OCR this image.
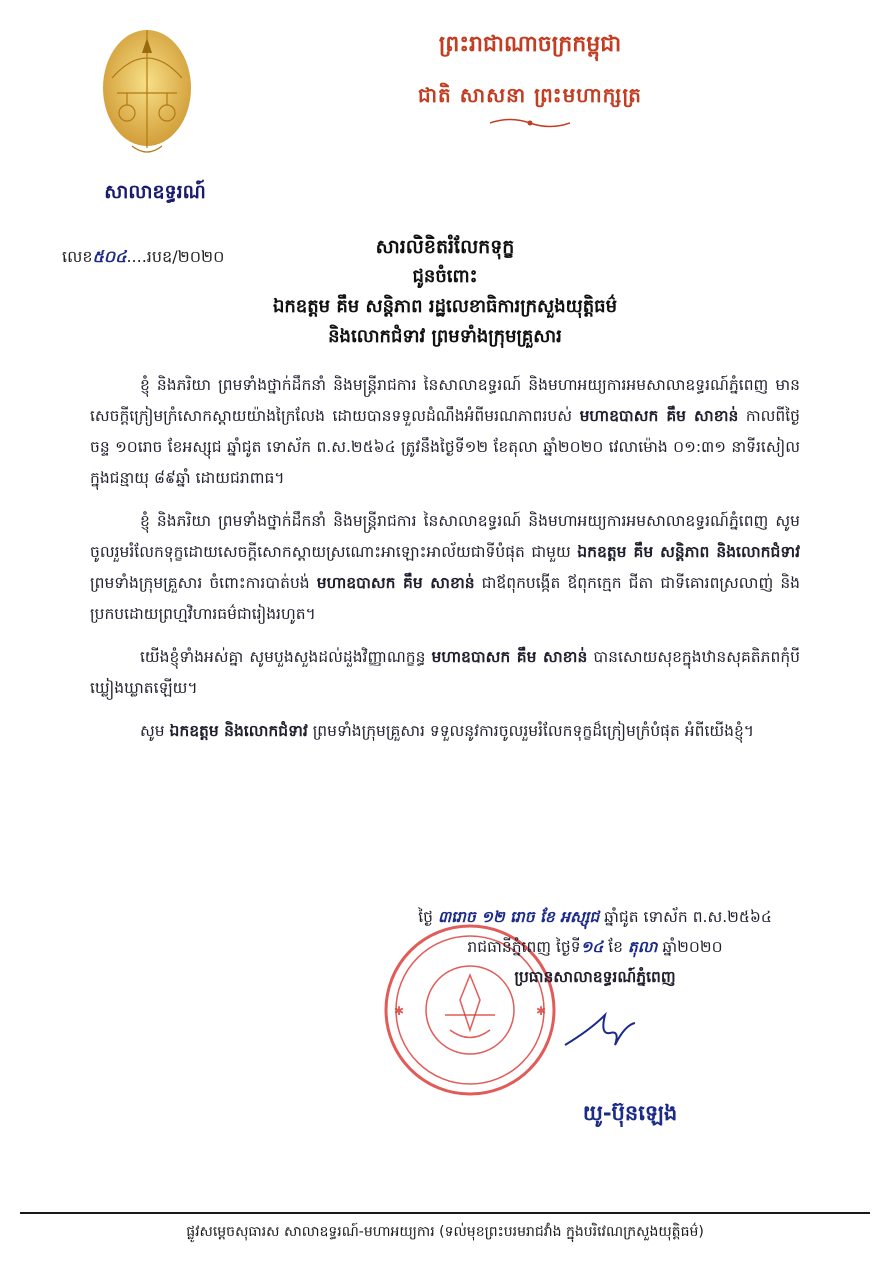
សាលាឧទ្ធរណ៍
លេខ៥០៤....របឧ/២០២០
ព្រះរាជាណាចក្រកម្ពុជា
ជាតិ សាសនា ព្រះមហាក្សត្រ
សារលិខិតរំលែកទុក្ខ
ជូនចំពោះ
ឯកឧត្តម គឹម សន្តិភាព រដ្ឋលេខាធិការក្រសួងយុត្តិធម៌
និងលោកជំទាវ ព្រមទាំងក្រុមគ្រួសារ

ខ្ញុំ និងភរិយា ព្រមទាំងថ្នាក់ដឹកនាំ និងមន្ត្រីរាជការ នៃសាលាឧទ្ធរណ៍ និងមហាអយ្យការអមសាលាឧទ្ធរណ៍ភ្នំពេញ មានសេចក្តីក្រៀមក្រំសោកស្តាយយ៉ាងក្រៃលែង ដោយបានទទួលដំណឹងអំពីមរណភាពរបស់ មហាឧបាសក គឹម សាខាន់ កាលពីថ្ងៃចន្ទ ១០រោច ខែអស្សុជ ឆ្នាំជូត ទោស័ក ព.ស.២៥៦៤ ត្រូវនឹងថ្ងៃទី១២ ខែតុលា ឆ្នាំ២០២០ វេលាម៉ោង ០១:៣១ នាទីរសៀល ក្នុងជន្មាយុ ៨៩ឆ្នាំ ដោយជរាពាធ។

ខ្ញុំ និងភរិយា ព្រមទាំងថ្នាក់ដឹកនាំ និងមន្ត្រីរាជការ នៃសាលាឧទ្ធរណ៍ និងមហាអយ្យការអមសាលាឧទ្ធរណ៍ភ្នំពេញ សូមចូលរួមរំលែកទុក្ខដោយសេចក្តីសោកស្តាយស្រណោះអាឡោះអាល័យជាទីបំផុត ជាមួយ ឯកឧត្តម គឹម សន្តិភាព និងលោកជំទាវ ព្រមទាំងក្រុមគ្រួសារ ចំពោះការបាត់បង់ មហាឧបាសក គឹម សាខាន់ ជាឪពុកបង្កើត ឪពុកក្មេក ជីតា ជាទីគោរពស្រលាញ់ និងប្រកបដោយព្រហ្មវិហារធម៌ជារៀងរហូត។

យើងខ្ញុំទាំងអស់គ្នា សូមបួងសួងដល់ដួងវិញ្ញាណក្ខន្ធ មហាឧបាសក គឹម សាខាន់ បានសោយសុខក្នុងឋានសុគតិភពកុំបីឃ្លៀងឃ្លាតឡើយ។

សូម ឯកឧត្តម និងលោកជំទាវ ព្រមទាំងក្រុមគ្រួសារ ទទួលនូវការចូលរួមរំលែកទុក្ខដ៏ក្រៀមក្រំបំផុត អំពីយើងខ្ញុំ។

✱	✱
ថ្ងៃ ៣រោច ១២ រោច ខែ អស្សុជ ឆ្នាំជូត ទោស័ក ព.ស.២៥៦៤
រាជធានីភ្នំពេញ ថ្ងៃទី១៤ ខែ តុលា ឆ្នាំ២០២០
ប្រធានសាលាឧទ្ធរណ៍ភ្នំពេញ
យូ-ប៊ុនឡេង
ផ្លូវសម្តេចសុធារស សាលាឧទ្ធរណ៍-មហាអយ្យការ (ទល់មុខព្រះបរមរាជវាំង ក្នុងបរិវេណក្រសួងយុត្តិធម៌)
